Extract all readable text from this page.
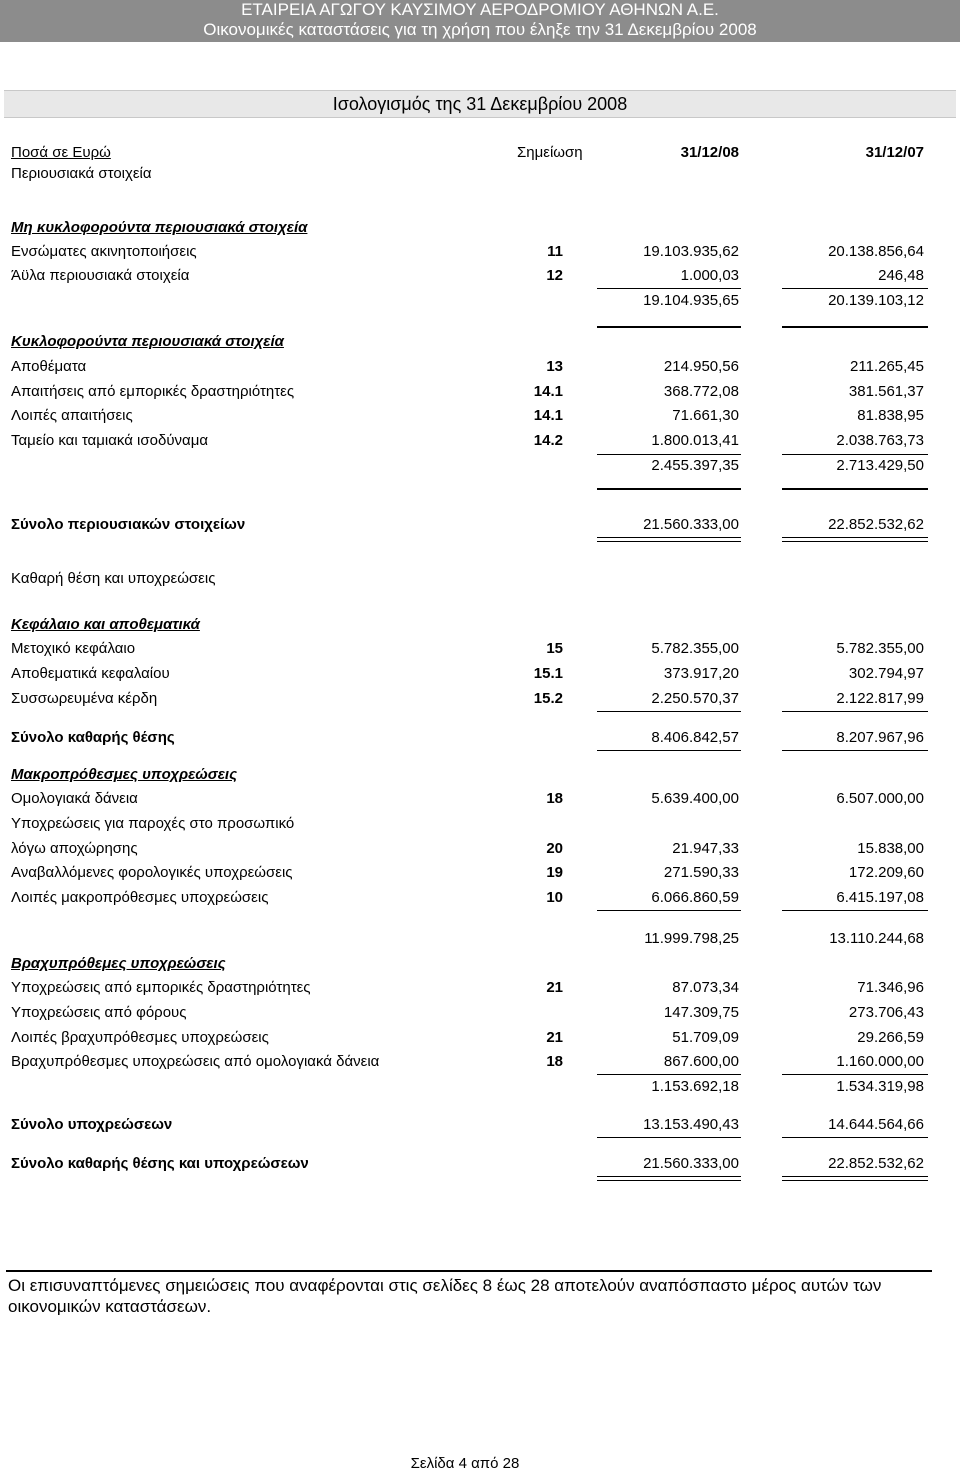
ΕΤΑΙΡΕΙΑ ΑΓΩΓΟΥ ΚΑΥΣΙΜΟΥ ΑΕΡΟΔΡΟΜΙΟΥ ΑΘΗΝΩΝ Α.Ε.
Οικονομικές καταστάσεις για τη χρήση που έληξε την 31 Δεκεμβρίου 2008
Ισολογισμός της 31 Δεκεμβρίου 2008
Ποσά σε Ευρώ	Σημείωση	31/12/08	31/12/07
Περιουσιακά στοιχεία
Μη κυκλοφορούντα περιουσιακά στοιχεία
Ενσώματες ακινητοποιήσεις	11	19.103.935,62	20.138.856,64
Άϋλα περιουσιακά στοιχεία	12	1.000,03	246,48
19.104.935,65	20.139.103,12
Κυκλοφορούντα περιουσιακά στοιχεία
Αποθέματα	13	214.950,56	211.265,45
Απαιτήσεις από εμπορικές δραστηριότητες	14.1	368.772,08	381.561,37
Λοιπές απαιτήσεις	14.1	71.661,30	81.838,95
Ταμείο και ταμιακά ισοδύναμα	14.2	1.800.013,41	2.038.763,73
2.455.397,35	2.713.429,50
Σύνολο περιουσιακών στοιχείων	21.560.333,00	22.852.532,62
Καθαρή θέση και υποχρεώσεις
Κεφάλαιο και αποθεματικά
Μετοχικό κεφάλαιο	15	5.782.355,00	5.782.355,00
Αποθεματικά κεφαλαίου	15.1	373.917,20	302.794,97
Συσσωρευμένα κέρδη	15.2	2.250.570,37	2.122.817,99
Σύνολο καθαρής θέσης	8.406.842,57	8.207.967,96
Μακροπρόθεσμες υποχρεώσεις
Ομολογιακά δάνεια	18	5.639.400,00	6.507.000,00
Υποχρεώσεις για παροχές στο προσωπικό
λόγω αποχώρησης	20	21.947,33	15.838,00
Αναβαλλόμενες φορολογικές υποχρεώσεις	19	271.590,33	172.209,60
Λοιπές μακροπρόθεσμες υποχρεώσεις	10	6.066.860,59	6.415.197,08
11.999.798,25	13.110.244,68
Βραχυπρόθεμες υποχρεώσεις
Υποχρεώσεις από εμπορικές δραστηριότητες	21	87.073,34	71.346,96
Υποχρεώσεις από φόρους	147.309,75	273.706,43
Λοιπές βραχυπρόθεσμες υποχρεώσεις	21	51.709,09	29.266,59
Βραχυπρόθεσμες υποχρεώσεις από ομολογιακά δάνεια	18	867.600,00	1.160.000,00
1.153.692,18	1.534.319,98
Σύνολο υποχρεώσεων	13.153.490,43	14.644.564,66
Σύνολο καθαρής θέσης και υποχρεώσεων	21.560.333,00	22.852.532,62
Οι επισυναπτόμενες σημειώσεις που αναφέρονται στις σελίδες 8 έως 28 αποτελούν αναπόσπαστο μέρος αυτών των οικονομικών καταστάσεων.
Σελίδα 4 από 28
